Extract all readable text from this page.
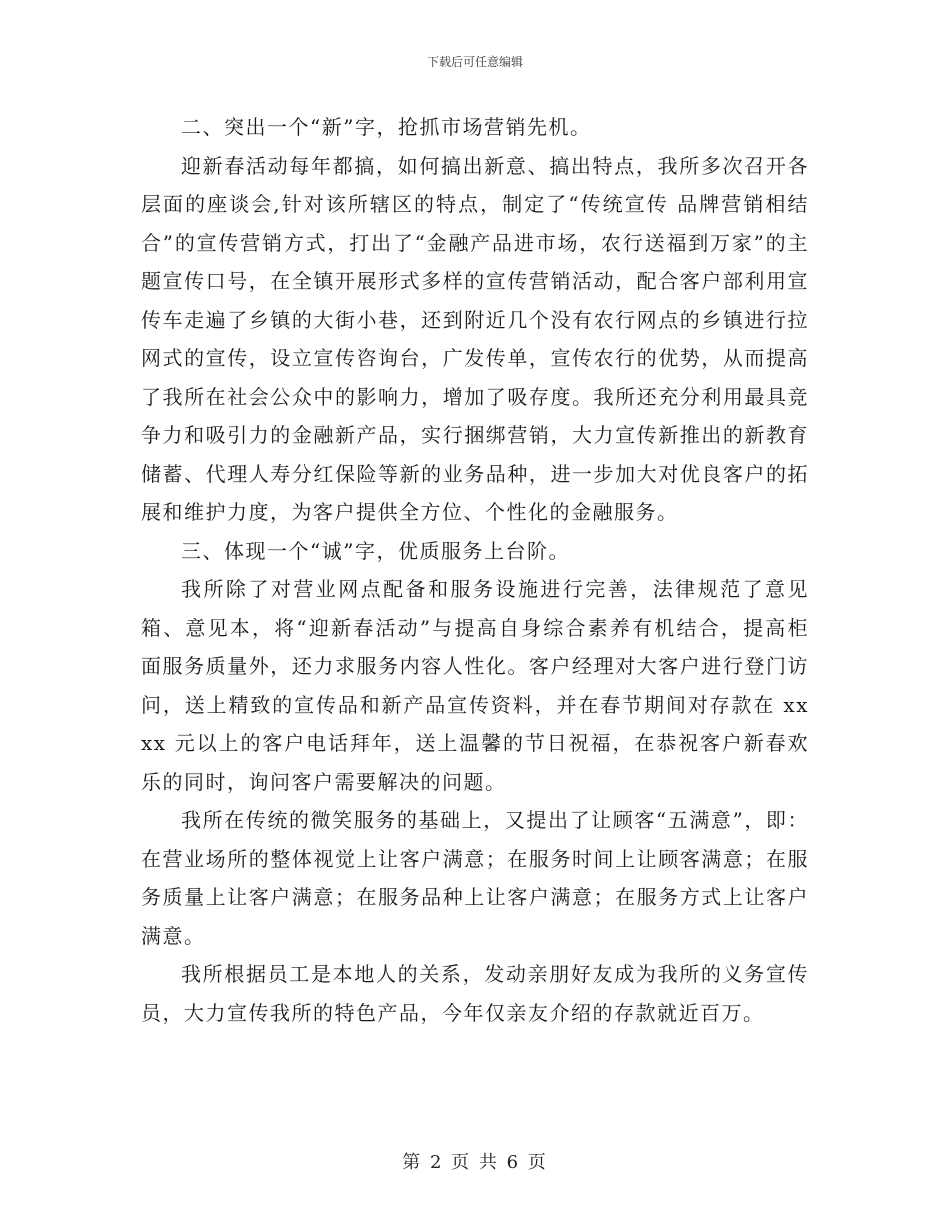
下载后可任意编辑

二、突出一个“新”字，抢抓市场营销先机。

迎新春活动每年都搞，如何搞出新意、搞出特点，我所多次召开各层面的座谈会,针对该所辖区的特点，制定了“传统宣传 品牌营销相结合”的宣传营销方式，打出了“金融产品进市场，农行送福到万家”的主题宣传口号，在全镇开展形式多样的宣传营销活动，配合客户部利用宣传车走遍了乡镇的大街小巷，还到附近几个没有农行网点的乡镇进行拉网式的宣传，设立宣传咨询台，广发传单，宣传农行的优势，从而提高了我所在社会公众中的影响力，增加了吸存度。我所还充分利用最具竞争力和吸引力的金融新产品，实行捆绑营销，大力宣传新推出的新教育储蓄、代理人寿分红保险等新的业务品种，进一步加大对优良客户的拓展和维护力度，为客户提供全方位、个性化的金融服务。

三、体现一个“诚”字，优质服务上台阶。

我所除了对营业网点配备和服务设施进行完善，法律规范了意见箱、意见本，将“迎新春活动”与提高自身综合素养有机结合，提高柜面服务质量外，还力求服务内容人性化。客户经理对大客户进行登门访问，送上精致的宣传品和新产品宣传资料，并在春节期间对存款在 xxxx 元以上的客户电话拜年，送上温馨的节日祝福，在恭祝客户新春欢乐的同时，询问客户需要解决的问题。

我所在传统的微笑服务的基础上，又提出了让顾客“五满意”，即：在营业场所的整体视觉上让客户满意；在服务时间上让顾客满意；在服务质量上让客户满意；在服务品种上让客户满意；在服务方式上让客户满意。

我所根据员工是本地人的关系，发动亲朋好友成为我所的义务宣传员，大力宣传我所的特色产品，今年仅亲友介绍的存款就近百万。

第 2 页 共 6 页
